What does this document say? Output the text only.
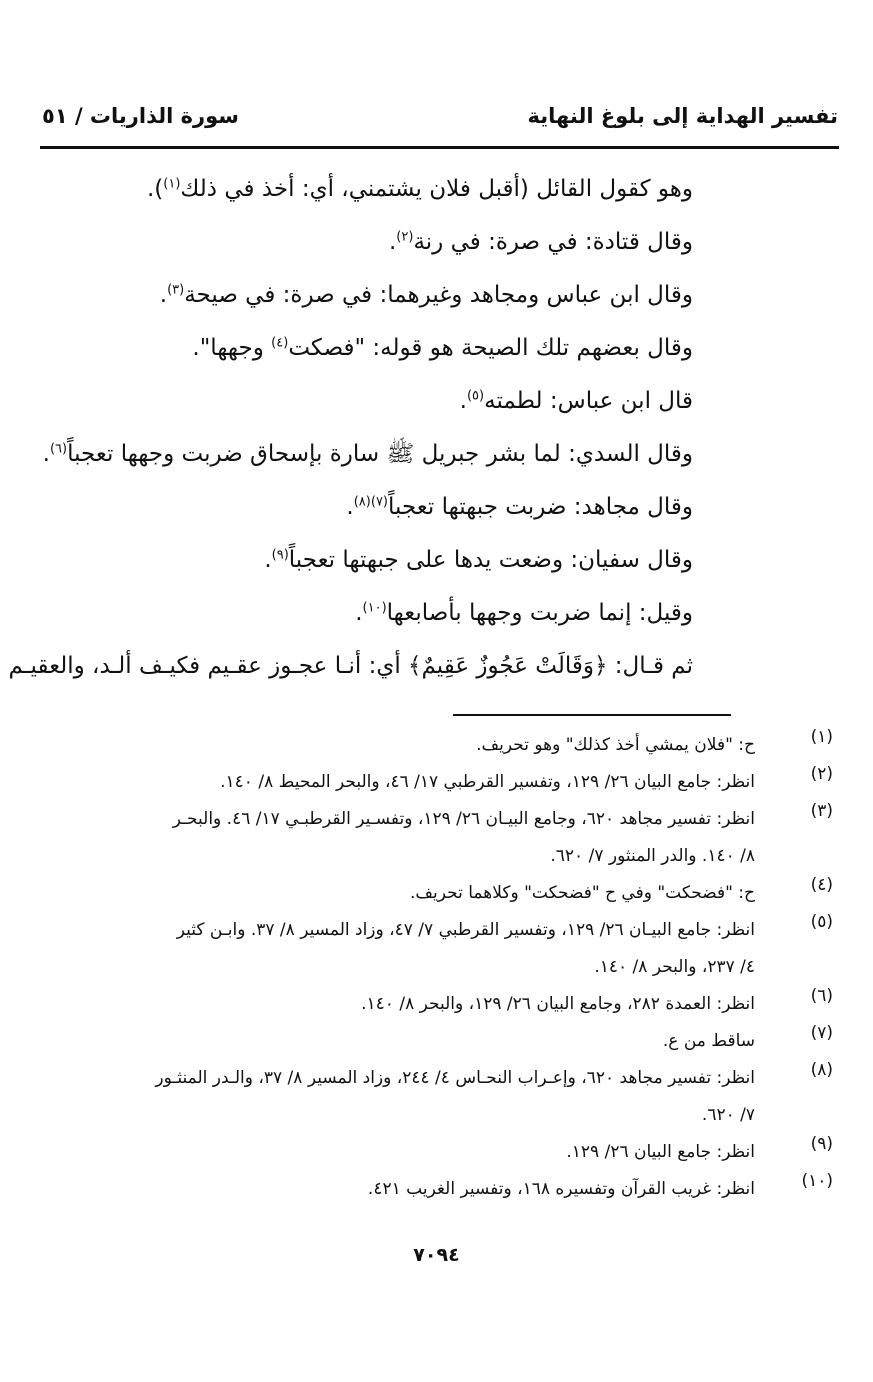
تفسير الهداية إلى بلوغ النهاية
سورة الذاريات / ٥١
وهو كقول القائل (أقبل فلان يشتمني، أي: أخذ في ذلك$^{(١)}$).
وقال قتادة: في صرة: في رنة$^{(٢)}$.
وقال ابن عباس ومجاهد وغيرهما: في صرة: في صيحة$^{(٣)}$.
وقال بعضهم تلك الصيحة هو قوله: "فصكت$^{(٤)}$ وجهها".
قال ابن عباس: لطمته$^{(٥)}$.
وقال السدي: لما بشر جبريل ﷺ سارة بإسحاق ضربت وجهها تعجباً$^{(٦)}$.
وقال مجاهد: ضربت جبهتها تعجباً$^{(٧)(٨)}$.
وقال سفيان: وضعت يدها على جبهتها تعجباً$^{(٩)}$.
وقيل: إنما ضربت وجهها بأصابعها$^{(١٠)}$.
ثم قـال: ﴿وَقَالَتْ عَجُوزٌ عَقِيمٌ﴾ أي: أنـا عجـوز عقـيم فكيـف ألـد، والعقيـم
(١)
ح: "فلان يمشي أخذ كذلك" وهو تحريف.
(٢)
انظر: جامع البيان ٢٦/ ١٢٩، وتفسير القرطبي ١٧/ ٤٦، والبحر المحيط ٨/ ١٤٠.
(٣)
انظر: تفسير مجاهد ٦٢٠، وجامع البيـان ٢٦/ ١٢٩، وتفسـير القرطبـي ١٧/ ٤٦. والبحـر
٨/ ١٤٠. والدر المنثور ٧/ ٦٢٠.
(٤)
ح: "فضحكت" وفي ح "فضحكت" وكلاهما تحريف.
(٥)
انظر: جامع البيـان ٢٦/ ١٢٩، وتفسير القرطبي ٧/ ٤٧، وزاد المسير ٨/ ٣٧. وابـن كثير
٤/ ٢٣٧، والبحر ٨/ ١٤٠.
(٦)
انظر: العمدة ٢٨٢، وجامع البيان ٢٦/ ١٢٩، والبحر ٨/ ١٤٠.
(٧)
ساقط من ع.
(٨)
انظر: تفسير مجاهد ٦٢٠، وإعـراب النحـاس ٤/ ٢٤٤، وزاد المسير ٨/ ٣٧، والـدر المنثـور
٧/ ٦٢٠.
(٩)
انظر: جامع البيان ٢٦/ ١٢٩.
(١٠)
انظر: غريب القرآن وتفسيره ١٦٨، وتفسير الغريب ٤٢١.
٧٠٩٤
